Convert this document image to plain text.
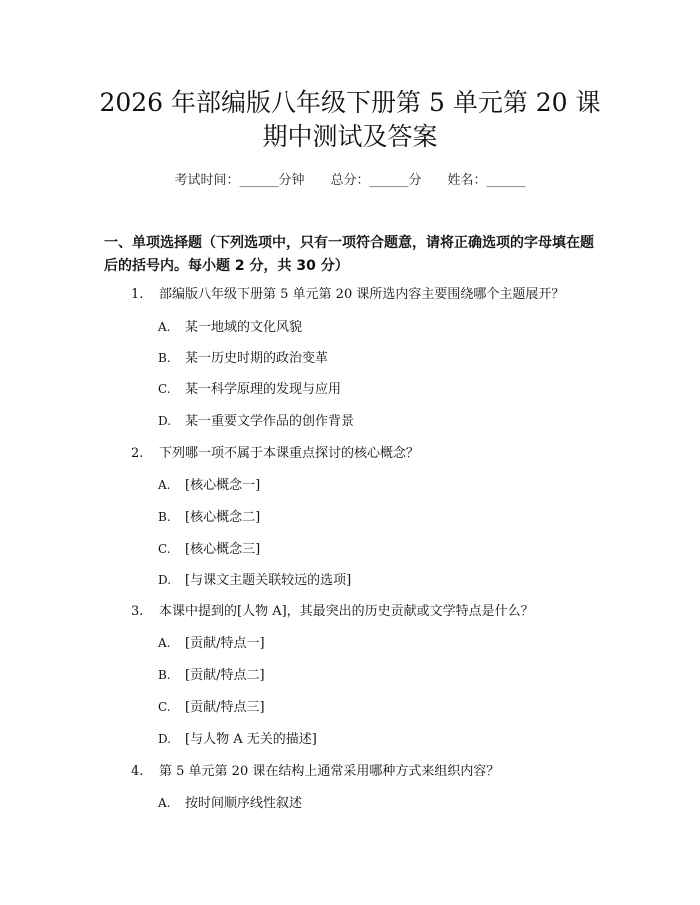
2026 年部编版八年级下册第 5 单元第 20 课
期中测试及答案
考试时间：______分钟 总分：______分 姓名：______
一、单项选择题（下列选项中，只有一项符合题意，请将正确选项的字母填在题后的括号内。每小题 2 分，共 30 分）
1. 部编版八年级下册第 5 单元第 20 课所选内容主要围绕哪个主题展开？
A. 某一地域的文化风貌
B. 某一历史时期的政治变革
C. 某一科学原理的发现与应用
D. 某一重要文学作品的创作背景
2. 下列哪一项不属于本课重点探讨的核心概念？
A. [核心概念一]
B. [核心概念二]
C. [核心概念三]
D. [与课文主题关联较远的选项]
3. 本课中提到的[人物 A]，其最突出的历史贡献或文学特点是什么？
A. [贡献/特点一]
B. [贡献/特点二]
C. [贡献/特点三]
D. [与人物 A 无关的描述]
4. 第 5 单元第 20 课在结构上通常采用哪种方式来组织内容？
A. 按时间顺序线性叙述
